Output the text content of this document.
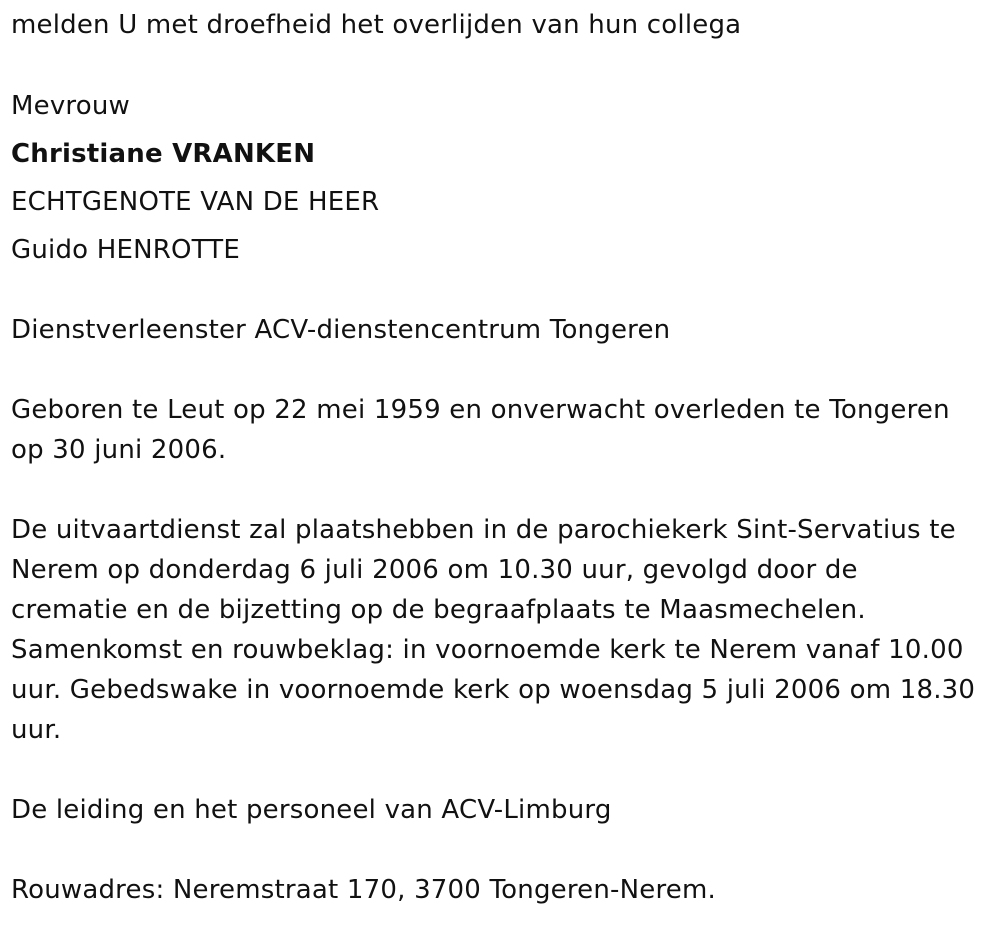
melden U met droefheid het overlijden van hun collega
Mevrouw
Christiane VRANKEN
ECHTGENOTE VAN DE HEER
Guido HENROTTE
Dienstverleenster ACV-dienstencentrum Tongeren
Geboren te Leut op 22 mei 1959 en onverwacht overleden te Tongeren
op 30 juni 2006.
De uitvaartdienst zal plaatshebben in de parochiekerk Sint-Servatius te
Nerem op donderdag 6 juli 2006 om 10.30 uur, gevolgd door de
crematie en de bijzetting op de begraafplaats te Maasmechelen.
Samenkomst en rouwbeklag: in voornoemde kerk te Nerem vanaf 10.00
uur. Gebedswake in voornoemde kerk op woensdag 5 juli 2006 om 18.30
uur.
De leiding en het personeel van ACV-Limburg
Rouwadres: Neremstraat 170, 3700 Tongeren-Nerem.
